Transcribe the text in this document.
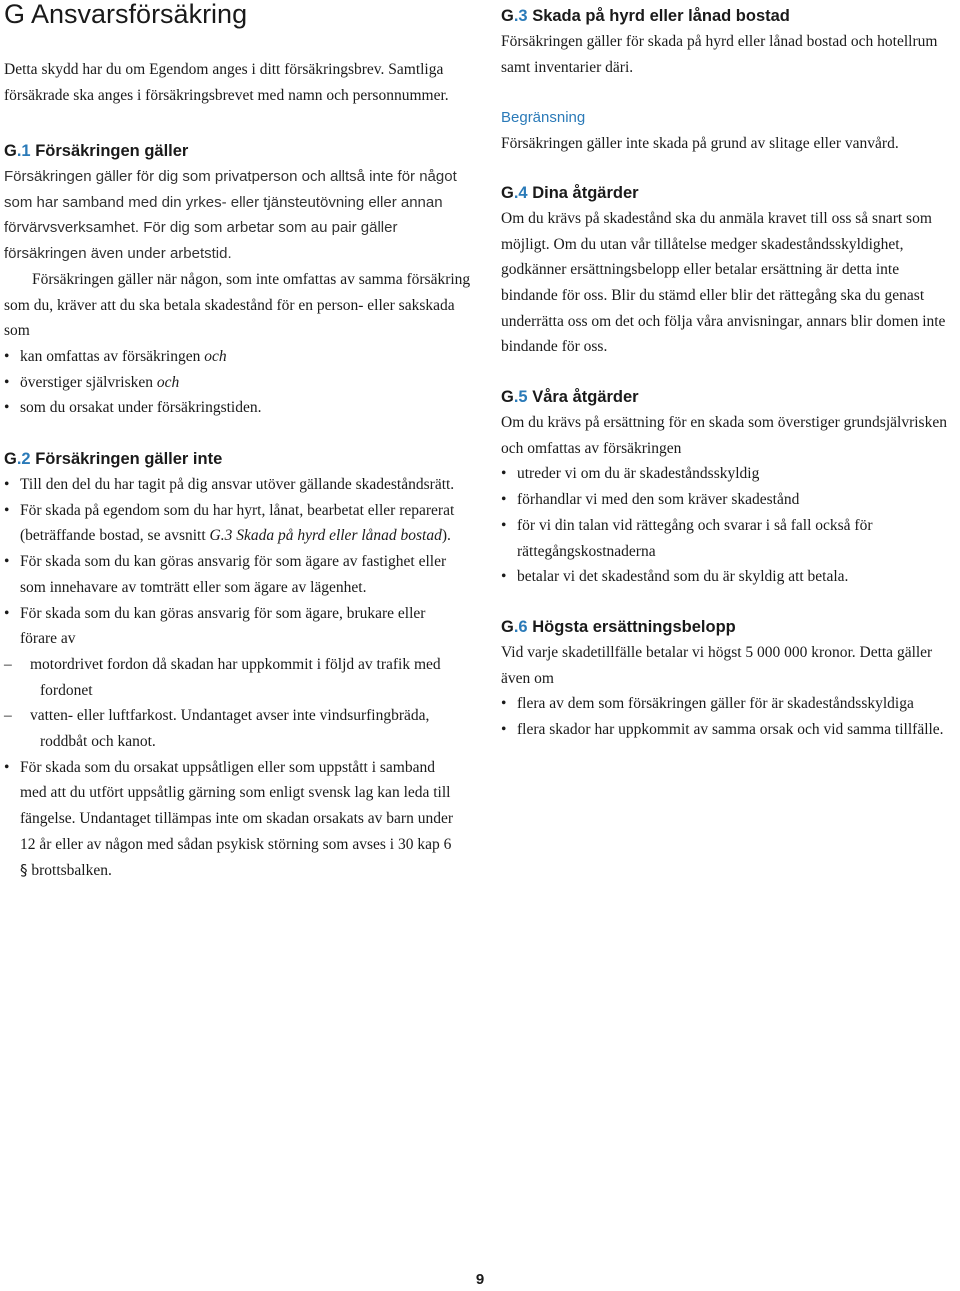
G Ansvarsförsäkring

Detta skydd har du om Egendom anges i ditt försäkringsbrev. Samtliga försäkrade ska anges i försäkringsbrevet med namn och personnummer.

G.1 Försäkringen gäller

Försäkringen gäller för dig som privatperson och alltså inte för något som har samband med din yrkes- eller tjänsteutövning eller annan förvärvsverksamhet. För dig som arbetar som au pair gäller försäkringen även under arbetstid.

Försäkringen gäller när någon, som inte omfattas av samma försäkring som du, kräver att du ska betala skadestånd för en person- eller sakskada som

• kan omfattas av försäkringen och
• överstiger självrisken och
• som du orsakat under försäkringstiden.
G.2 Försäkringen gäller inte
• Till den del du har tagit på dig ansvar utöver gällande skadeståndsrätt.
• För skada på egendom som du har hyrt, lånat, bearbetat eller reparerat (beträffande bostad, se avsnitt G.3 Skada på hyrd eller lånad bostad).
• För skada som du kan göras ansvarig för som ägare av fastighet eller som innehavare av tomträtt eller som ägare av lägenhet.
• För skada som du kan göras ansvarig för som ägare, brukare eller förare av
– motordrivet fordon då skadan har uppkommit i följd av trafik med fordonet
– vatten- eller luftfarkost. Undantaget avser inte vindsurfingbräda, roddbåt och kanot.
• För skada som du orsakat uppsåtligen eller som uppstått i samband med att du utfört uppsåtlig gärning som enligt svensk lag kan leda till fängelse. Undantaget tillämpas inte om skadan orsakats av barn under 12 år eller av någon med sådan psykisk störning som avses i 30 kap 6 § brottsbalken.
G.3 Skada på hyrd eller lånad bostad

Försäkringen gäller för skada på hyrd eller lånad bostad och hotellrum samt inventarier däri.

Begränsning

Försäkringen gäller inte skada på grund av slitage eller vanvård.

G.4 Dina åtgärder

Om du krävs på skadestånd ska du anmäla kravet till oss så snart som möjligt. Om du utan vår tillåtelse medger skadeståndsskyldighet, godkänner ersättningsbelopp eller betalar ersättning är detta inte bindande för oss. Blir du stämd eller blir det rättegång ska du genast underrätta oss om det och följa våra anvisningar, annars blir domen inte bindande för oss.

G.5 Våra åtgärder

Om du krävs på ersättning för en skada som överstiger grundsjälvrisken och omfattas av försäkringen

• utreder vi om du är skadeståndsskyldig
• förhandlar vi med den som kräver skadestånd
• för vi din talan vid rättegång och svarar i så fall också för rättegångskostnaderna
• betalar vi det skadestånd som du är skyldig att betala.
G.6 Högsta ersättningsbelopp

Vid varje skadetillfälle betalar vi högst 5 000 000 kronor. Detta gäller även om

• flera av dem som försäkringen gäller för är skadeståndsskyldiga
• flera skador har uppkommit av samma orsak och vid samma tillfälle.
9
